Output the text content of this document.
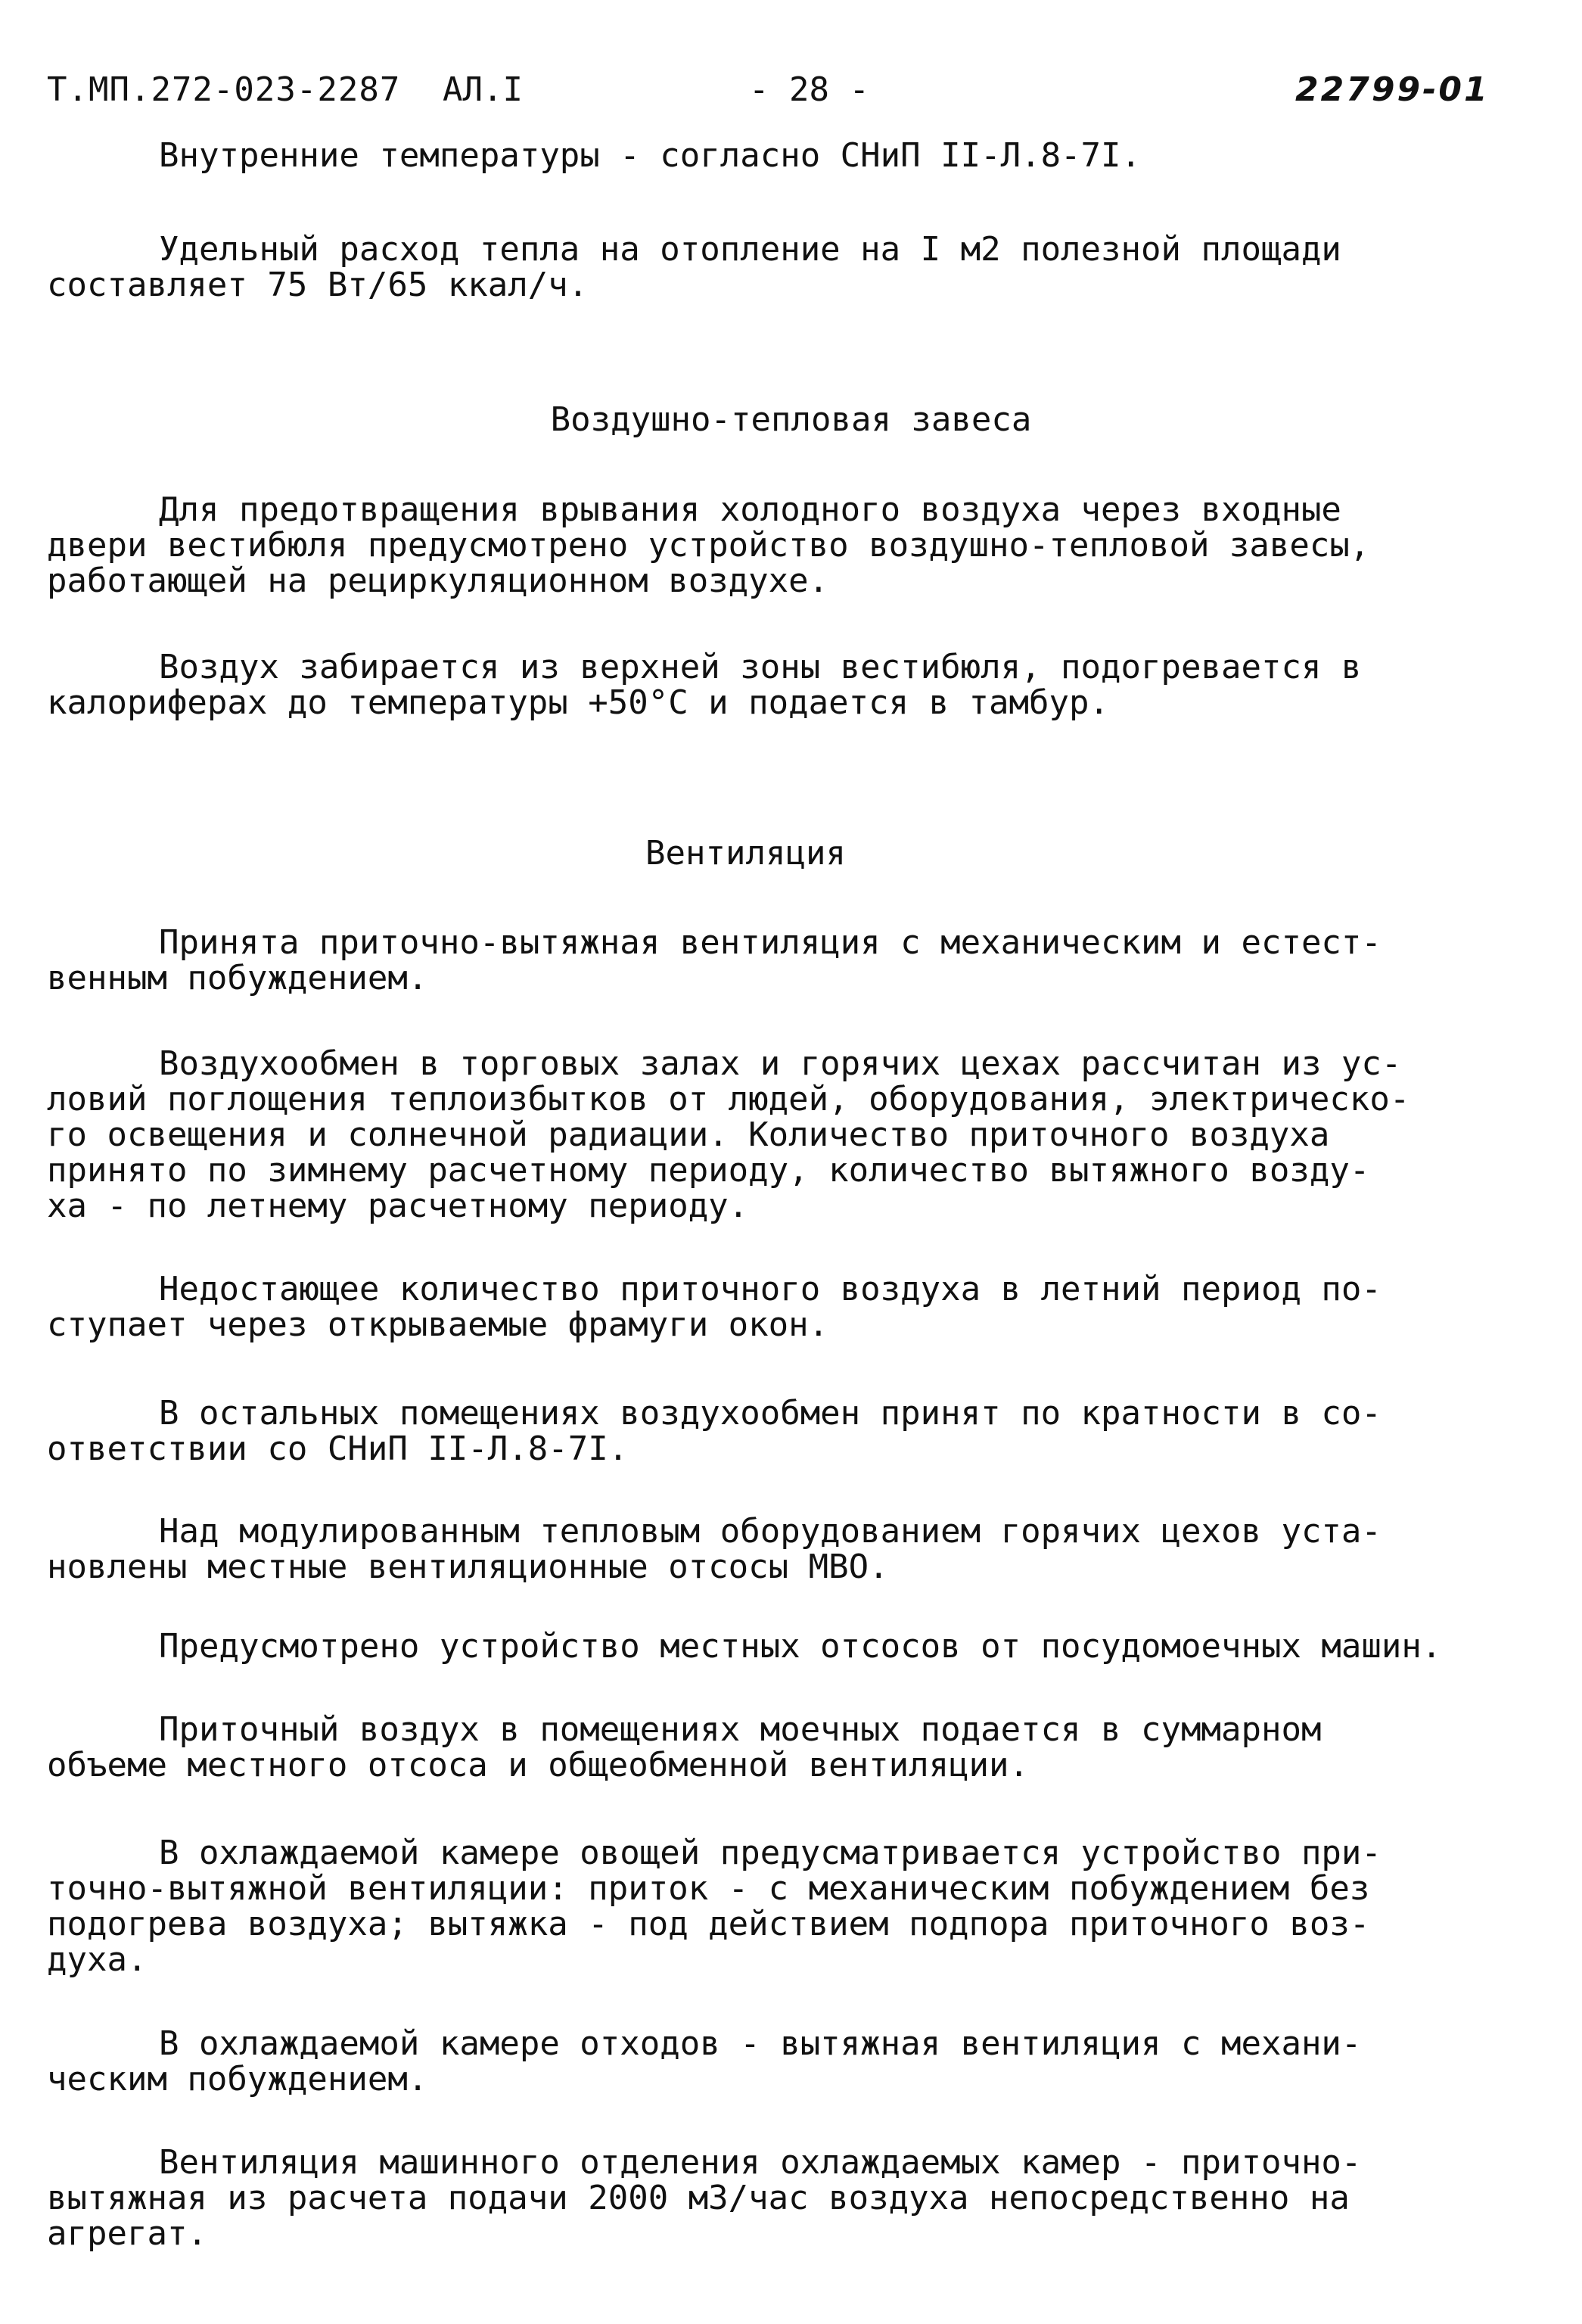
Т.МП.272-023-2287 АЛ.I	- 28 -	22799-01
Внутренние температуры - согласно СНиП II-Л.8-7I.
Удельный расход тепла на отопление на I м2 полезной площади
составляет 75 Вт/65 ккал/ч.
Воздушно-тепловая завеса
Для предотвращения врывания холодного воздуха через входные
двери вестибюля предусмотрено устройство воздушно-тепловой завесы,
работающей на рециркуляционном воздухе.
Воздух забирается из верхней зоны вестибюля, подогревается в
калориферах до температуры +50°С и подается в тамбур.
Вентиляция
Принята приточно-вытяжная вентиляция с механическим и естест-
венным побуждением.
Воздухообмен в торговых залах и горячих цехах рассчитан из ус-
ловий поглощения теплоизбытков от людей, оборудования, электрическо-
го освещения и солнечной радиации. Количество приточного воздуха
принято по зимнему расчетному периоду, количество вытяжного возду-
ха - по летнему расчетному периоду.
Недостающее количество приточного воздуха в летний период по-
ступает через открываемые фрамуги окон.
В остальных помещениях воздухообмен принят по кратности в со-
ответствии со СНиП II-Л.8-7I.
Над модулированным тепловым оборудованием горячих цехов уста-
новлены местные вентиляционные отсосы МВО.
Предусмотрено устройство местных отсосов от посудомоечных машин.
Приточный воздух в помещениях моечных подается в суммарном
объеме местного отсоса и общеобменной вентиляции.
В охлаждаемой камере овощей предусматривается устройство при-
точно-вытяжной вентиляции: приток - с механическим побуждением без
подогрева воздуха; вытяжка - под действием подпора приточного воз-
духа.
В охлаждаемой камере отходов - вытяжная вентиляция с механи-
ческим побуждением.
Вентиляция машинного отделения охлаждаемых камер - приточно-
вытяжная из расчета подачи 2000 м3/час воздуха непосредственно на
агрегат.
